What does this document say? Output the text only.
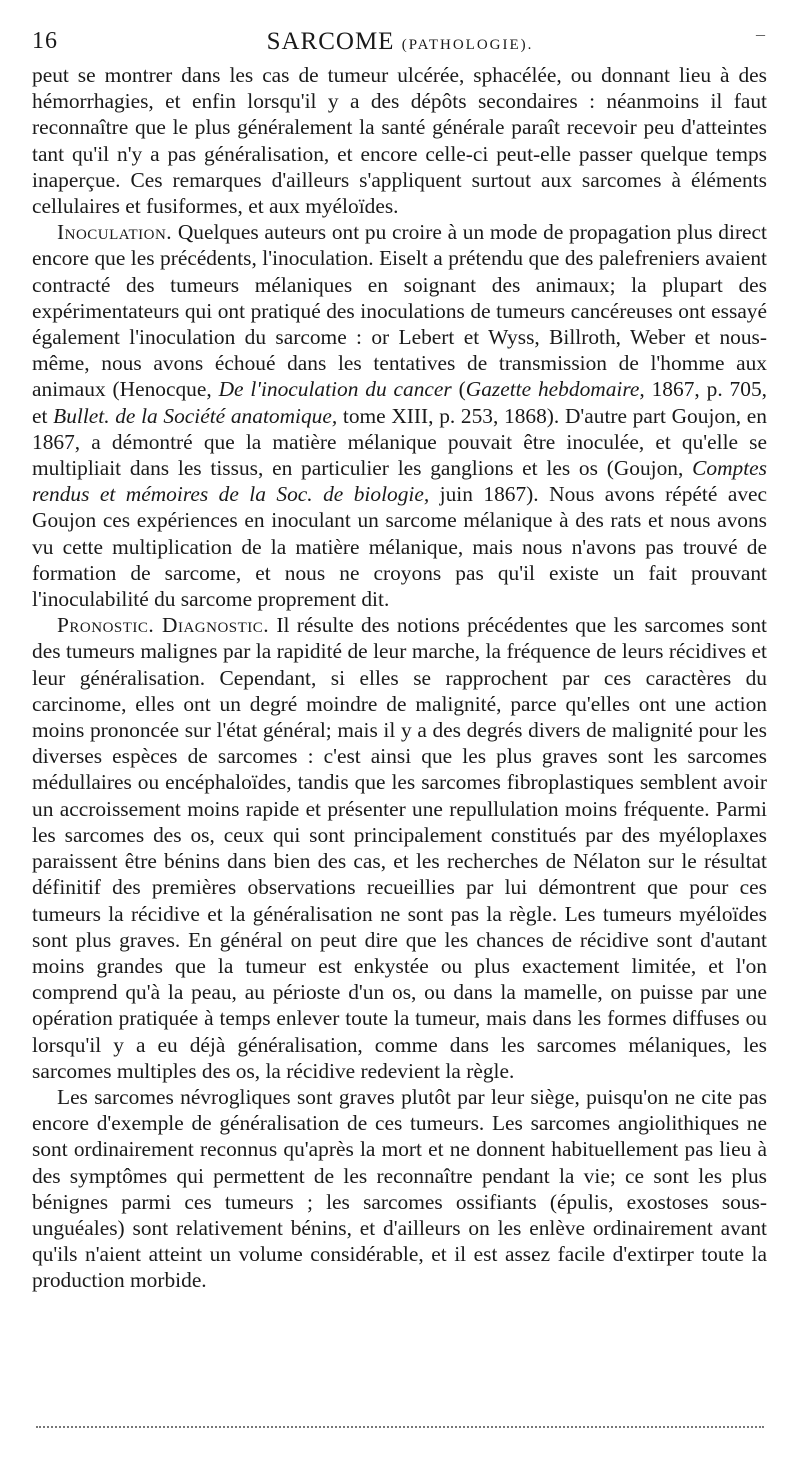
16	SARCOME (PATHOLOGIE).
–

peut se montrer dans les cas de tumeur ulcérée, sphacélée, ou donnant lieu à des hémorrhagies, et enfin lorsqu'il y a des dépôts secondaires : néanmoins il faut reconnaître que le plus généralement la santé générale paraît recevoir peu d'atteintes tant qu'il n'y a pas généralisation, et encore celle-ci peut-elle passer quelque temps inaperçue. Ces remarques d'ailleurs s'appliquent surtout aux sarcomes à éléments cellulaires et fusiformes, et aux myéloïdes.

Inoculation. Quelques auteurs ont pu croire à un mode de propagation plus direct encore que les précédents, l'inoculation. Eiselt a prétendu que des palefreniers avaient contracté des tumeurs mélaniques en soignant des animaux; la plupart des expérimentateurs qui ont pratiqué des inoculations de tumeurs cancéreuses ont essayé également l'inoculation du sarcome : or Lebert et Wyss, Billroth, Weber et nous-même, nous avons échoué dans les tentatives de transmission de l'homme aux animaux (Henocque, De l'inoculation du cancer (Gazette hebdomaire, 1867, p. 705, et Bullet. de la Société anatomique, tome XIII, p. 253, 1868). D'autre part Goujon, en 1867, a démontré que la matière mélanique pouvait être inoculée, et qu'elle se multipliait dans les tissus, en particulier les ganglions et les os (Goujon, Comptes rendus et mémoires de la Soc. de biologie, juin 1867). Nous avons répété avec Goujon ces expériences en inoculant un sarcome mélanique à des rats et nous avons vu cette multiplication de la matière mélanique, mais nous n'avons pas trouvé de formation de sarcome, et nous ne croyons pas qu'il existe un fait prouvant l'inoculabilité du sarcome proprement dit.

Pronostic. Diagnostic. Il résulte des notions précédentes que les sarcomes sont des tumeurs malignes par la rapidité de leur marche, la fréquence de leurs récidives et leur généralisation. Cependant, si elles se rapprochent par ces caractères du carcinome, elles ont un degré moindre de malignité, parce qu'elles ont une action moins prononcée sur l'état général; mais il y a des degrés divers de malignité pour les diverses espèces de sarcomes : c'est ainsi que les plus graves sont les sarcomes médullaires ou encéphaloïdes, tandis que les sarcomes fibroplastiques semblent avoir un accroissement moins rapide et présenter une repullulation moins fréquente. Parmi les sarcomes des os, ceux qui sont principalement constitués par des myéloplaxes paraissent être bénins dans bien des cas, et les recherches de Nélaton sur le résultat définitif des premières observations recueillies par lui démontrent que pour ces tumeurs la récidive et la généralisation ne sont pas la règle. Les tumeurs myéloïdes sont plus graves. En général on peut dire que les chances de récidive sont d'autant moins grandes que la tumeur est enkystée ou plus exactement limitée, et l'on comprend qu'à la peau, au périoste d'un os, ou dans la mamelle, on puisse par une opération pratiquée à temps enlever toute la tumeur, mais dans les formes diffuses ou lorsqu'il y a eu déjà généralisation, comme dans les sarcomes mélaniques, les sarcomes multiples des os, la récidive redevient la règle.

Les sarcomes névrogliques sont graves plutôt par leur siège, puisqu'on ne cite pas encore d'exemple de généralisation de ces tumeurs. Les sarcomes angiolithiques ne sont ordinairement reconnus qu'après la mort et ne donnent habituellement pas lieu à des symptômes qui permettent de les reconnaître pendant la vie; ce sont les plus bénignes parmi ces tumeurs ; les sarcomes ossifiants (épulis, exostoses sous-unguéales) sont relativement bénins, et d'ailleurs on les enlève ordinairement avant qu'ils n'aient atteint un volume considérable, et il est assez facile d'extirper toute la production morbide.
